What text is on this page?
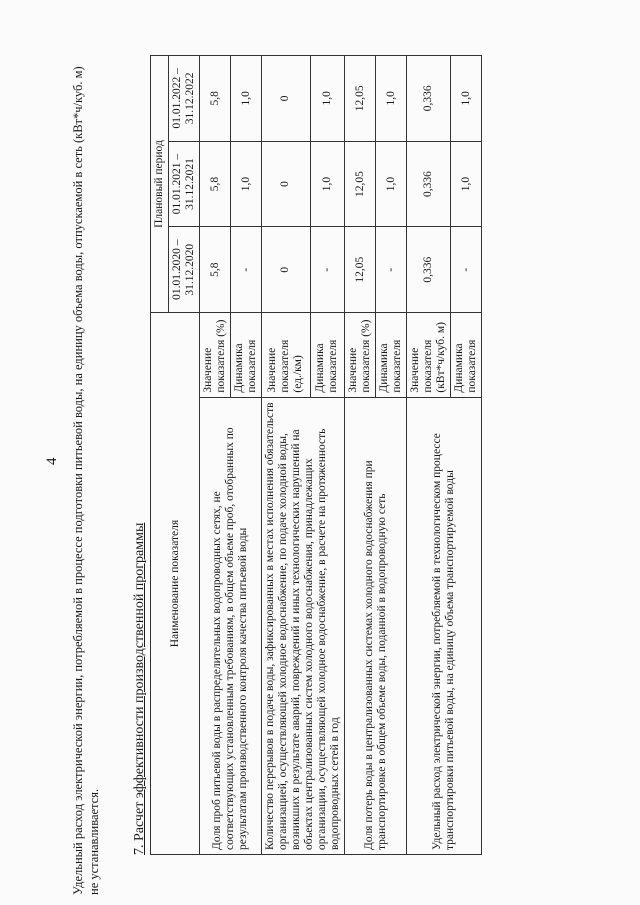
4 Удельный расход электрической энергии, потребляемой в процессе подготовки питьевой воды, на единицу объема воды, отпускаемой в сеть (кВт*ч/куб. м) не устанавливается. 7. Расчет эффективности производственной программы Наименование показателя		Плановый период		
		01.01.2020 – 31.12.2020	01.01.2021 – 31.12.2021	01.01.2022 – 31.12.2022
Доля проб питьевой воды в распределительных водопроводных сетях, не соответствующих установленным требованиям, в общем объеме проб, отобранных по результатам производственного контроля качества питьевой воды	Значение показателя (%)	5,8	5,8	5,8
	Динамика показателя	-	1,0	1,0
Количество перерывов в подаче воды, зафиксированных в местах исполнения обязательств организацией, осуществляющей холодное водоснабжение, по подаче холодной воды, возникших в результате аварий, повреждений и иных технологических нарушений на объектах централизованных систем холодного водоснабжения, принадлежащих организации, осуществляющей холодное водоснабжение, в расчете на протяженность водопроводных сетей в год	Значение показателя (ед./км)	0	0	0
	Динамика показателя	-	1,0	1,0
Доля потерь воды в централизованных системах холодного водоснабжения при транспортировке в общем объеме воды, поданной в водопроводную сеть	Значение показателя (%)	12,05	12,05	12,05
	Динамика показателя	-	1,0	1,0
Удельный расход электрической энергии, потребляемой в технологическом процессе транспортировки питьевой воды, на единицу объема транспортируемой воды	Значение показателя (кВт*ч/куб. м)	0,336	0,336	0,336
	Динамика показателя	-	1,0	1,0
